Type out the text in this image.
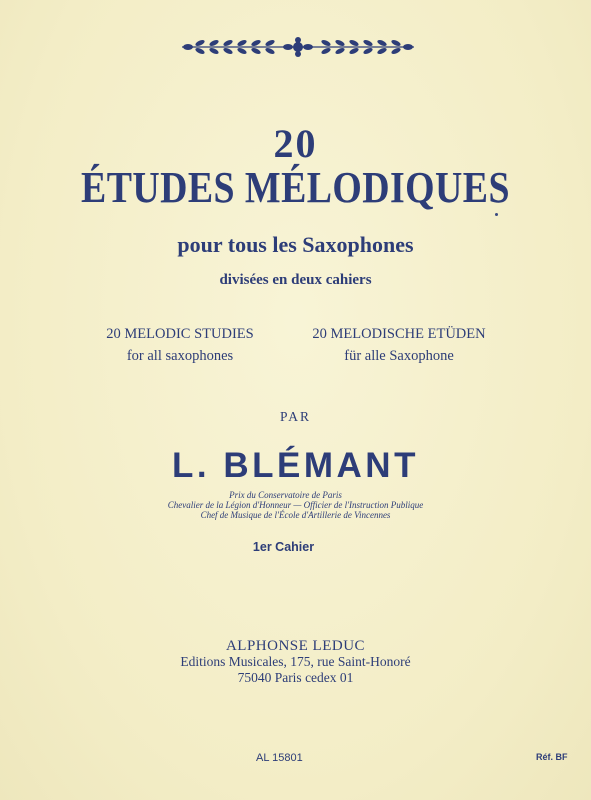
20
ÉTUDES MÉLODIQUES
pour tous les Saxophones
divisées en deux cahiers
20 MELODIC STUDIES
for all saxophones
20 MELODISCHE ETÜDEN
für alle Saxophone
PAR
L. BLÉMANT
Prix du Conservatoire de Paris
Chevalier de la Légion d'Honneur — Officier de l'Instruction Publique
Chef de Musique de l'École d'Artillerie de Vincennes
1er Cahier
ALPHONSE LEDUC
Editions Musicales, 175, rue Saint-Honoré
75040 Paris cedex 01
AL 15801	Réf. BF
